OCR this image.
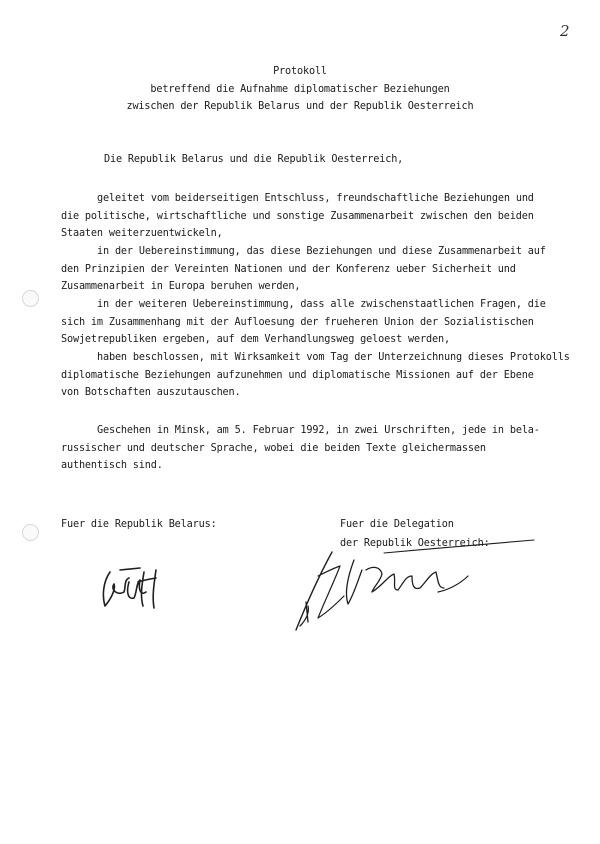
2
Protokoll
betreffend die Aufnahme diplomatischer Beziehungen
zwischen der Republik Belarus und der Republik Oesterreich
Die Republik Belarus und die Republik Oesterreich,
geleitet vom beiderseitigen Entschluss, freundschaftliche Beziehungen und
die politische, wirtschaftliche und sonstige Zusammenarbeit zwischen den beiden
Staaten weiterzuentwickeln,
in der Uebereinstimmung, das diese Beziehungen und diese Zusammenarbeit auf
den Prinzipien der Vereinten Nationen und der Konferenz ueber Sicherheit und
Zusammenarbeit in Europa beruhen werden,
in der weiteren Uebereinstimmung, dass alle zwischenstaatlichen Fragen, die
sich im Zusammenhang mit der Aufloesung der frueheren Union der Sozialistischen
Sowjetrepubliken ergeben, auf dem Verhandlungsweg geloest werden,
haben beschlossen, mit Wirksamkeit vom Tag der Unterzeichnung dieses Protokolls
diplomatische Beziehungen aufzunehmen und diplomatische Missionen auf der Ebene
von Botschaften auszutauschen.
Geschehen in Minsk, am 5. Februar 1992, in zwei Urschriften, jede in bela-
russischer und deutscher Sprache, wobei die beiden Texte gleichermassen
authentisch sind.
Fuer die Republik Belarus:	Fuer die Delegation
der Republik Oesterreich:
